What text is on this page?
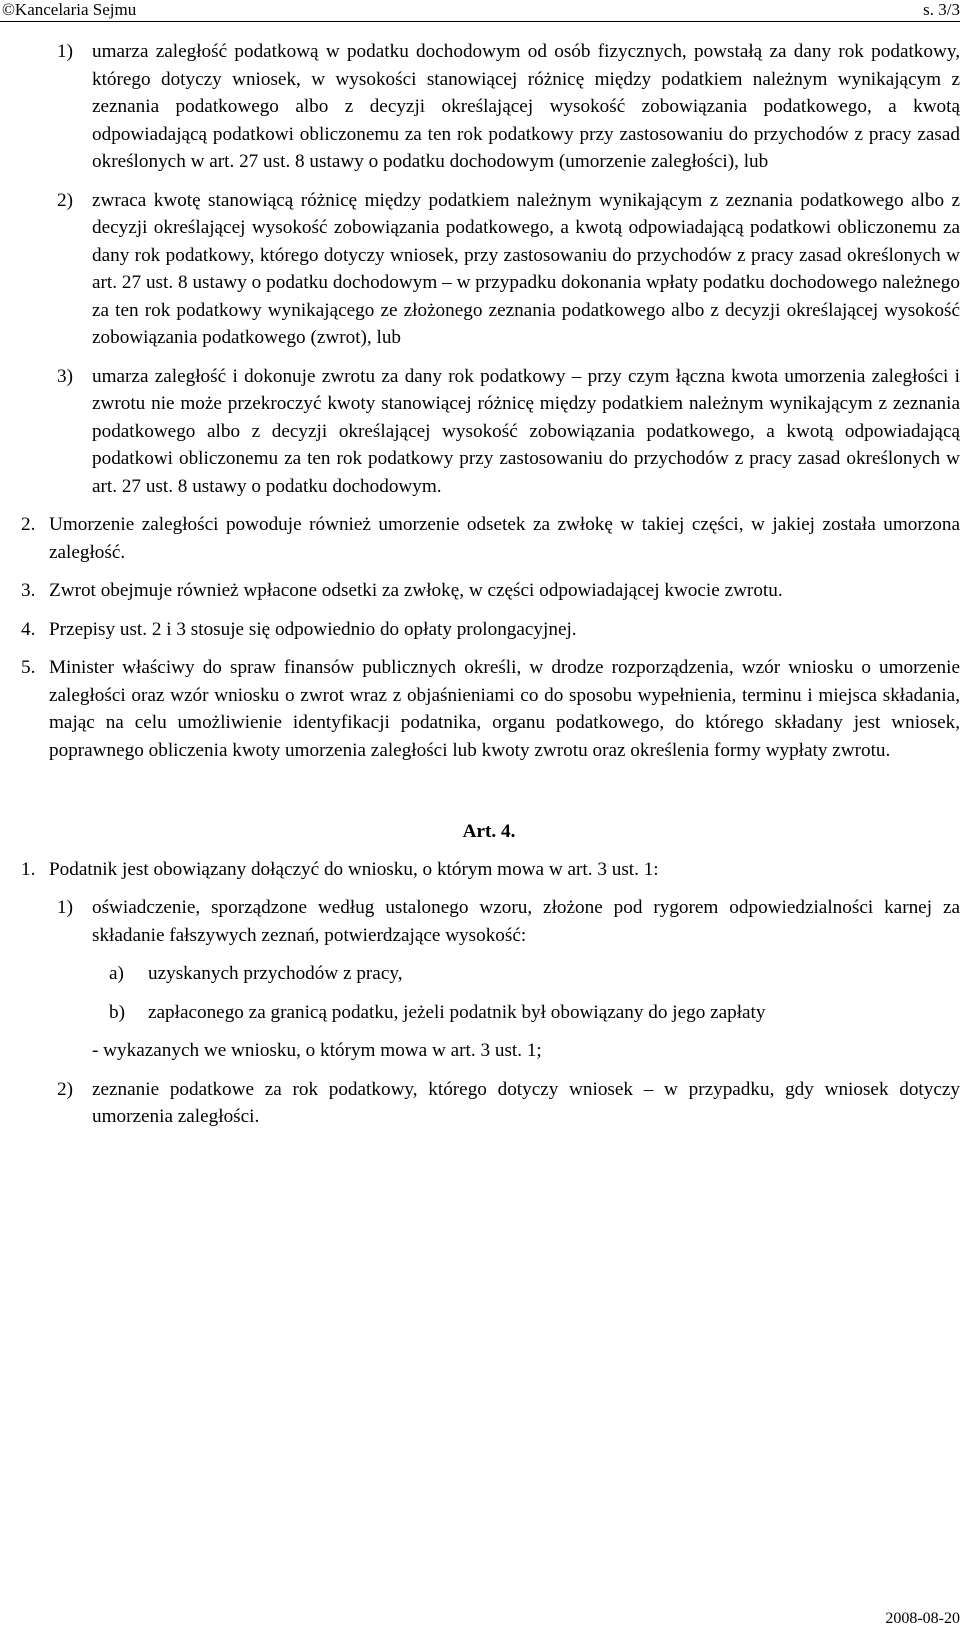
©Kancelaria Sejmu	s. 3/3
1) umarza zaległość podatkową w podatku dochodowym od osób fizycznych, powstałą za dany rok podatkowy, którego dotyczy wniosek, w wysokości stanowiącej różnicę między podatkiem należnym wynikającym z zeznania podatkowego albo z decyzji określającej wysokość zobowiązania podatkowego, a kwotą odpowiadającą podatkowi obliczonemu za ten rok podatkowy przy zastosowaniu do przychodów z pracy zasad określonych w art. 27 ust. 8 ustawy o podatku dochodowym (umorzenie zaległości), lub
2) zwraca kwotę stanowiącą różnicę między podatkiem należnym wynikającym z zeznania podatkowego albo z decyzji określającej wysokość zobowiązania podatkowego, a kwotą odpowiadającą podatkowi obliczonemu za dany rok podatkowy, którego dotyczy wniosek, przy zastosowaniu do przychodów z pracy zasad określonych w art. 27 ust. 8 ustawy o podatku dochodowym – w przypadku dokonania wpłaty podatku dochodowego należnego za ten rok podatkowy wynikającego ze złożonego zeznania podatkowego albo z decyzji określającej wysokość zobowiązania podatkowego (zwrot), lub
3) umarza zaległość i dokonuje zwrotu za dany rok podatkowy – przy czym łączna kwota umorzenia zaległości i zwrotu nie może przekroczyć kwoty stanowiącej różnicę między podatkiem należnym wynikającym z zeznania podatkowego albo z decyzji określającej wysokość zobowiązania podatkowego, a kwotą odpowiadającą podatkowi obliczonemu za ten rok podatkowy przy zastosowaniu do przychodów z pracy zasad określonych w art. 27 ust. 8 ustawy o podatku dochodowym.
2. Umorzenie zaległości powoduje również umorzenie odsetek za zwłokę w takiej części, w jakiej została umorzona zaległość.
3. Zwrot obejmuje również wpłacone odsetki za zwłokę, w części odpowiadającej kwocie zwrotu.
4. Przepisy ust. 2 i 3 stosuje się odpowiednio do opłaty prolongacyjnej.
5. Minister właściwy do spraw finansów publicznych określi, w drodze rozporządzenia, wzór wniosku o umorzenie zaległości oraz wzór wniosku o zwrot wraz z objaśnieniami co do sposobu wypełnienia, terminu i miejsca składania, mając na celu umożliwienie identyfikacji podatnika, organu podatkowego, do którego składany jest wniosek, poprawnego obliczenia kwoty umorzenia zaległości lub kwoty zwrotu oraz określenia formy wypłaty zwrotu.
Art. 4.
1. Podatnik jest obowiązany dołączyć do wniosku, o którym mowa w art. 3 ust. 1:
1) oświadczenie, sporządzone według ustalonego wzoru, złożone pod rygorem odpowiedzialności karnej za składanie fałszywych zeznań, potwierdzające wysokość:
a) uzyskanych przychodów z pracy,
b) zapłaconego za granicą podatku, jeżeli podatnik był obowiązany do jego zapłaty
- wykazanych we wniosku, o którym mowa w art. 3 ust. 1;
2) zeznanie podatkowe za rok podatkowy, którego dotyczy wniosek – w przypadku, gdy wniosek dotyczy umorzenia zaległości.
2008-08-20
